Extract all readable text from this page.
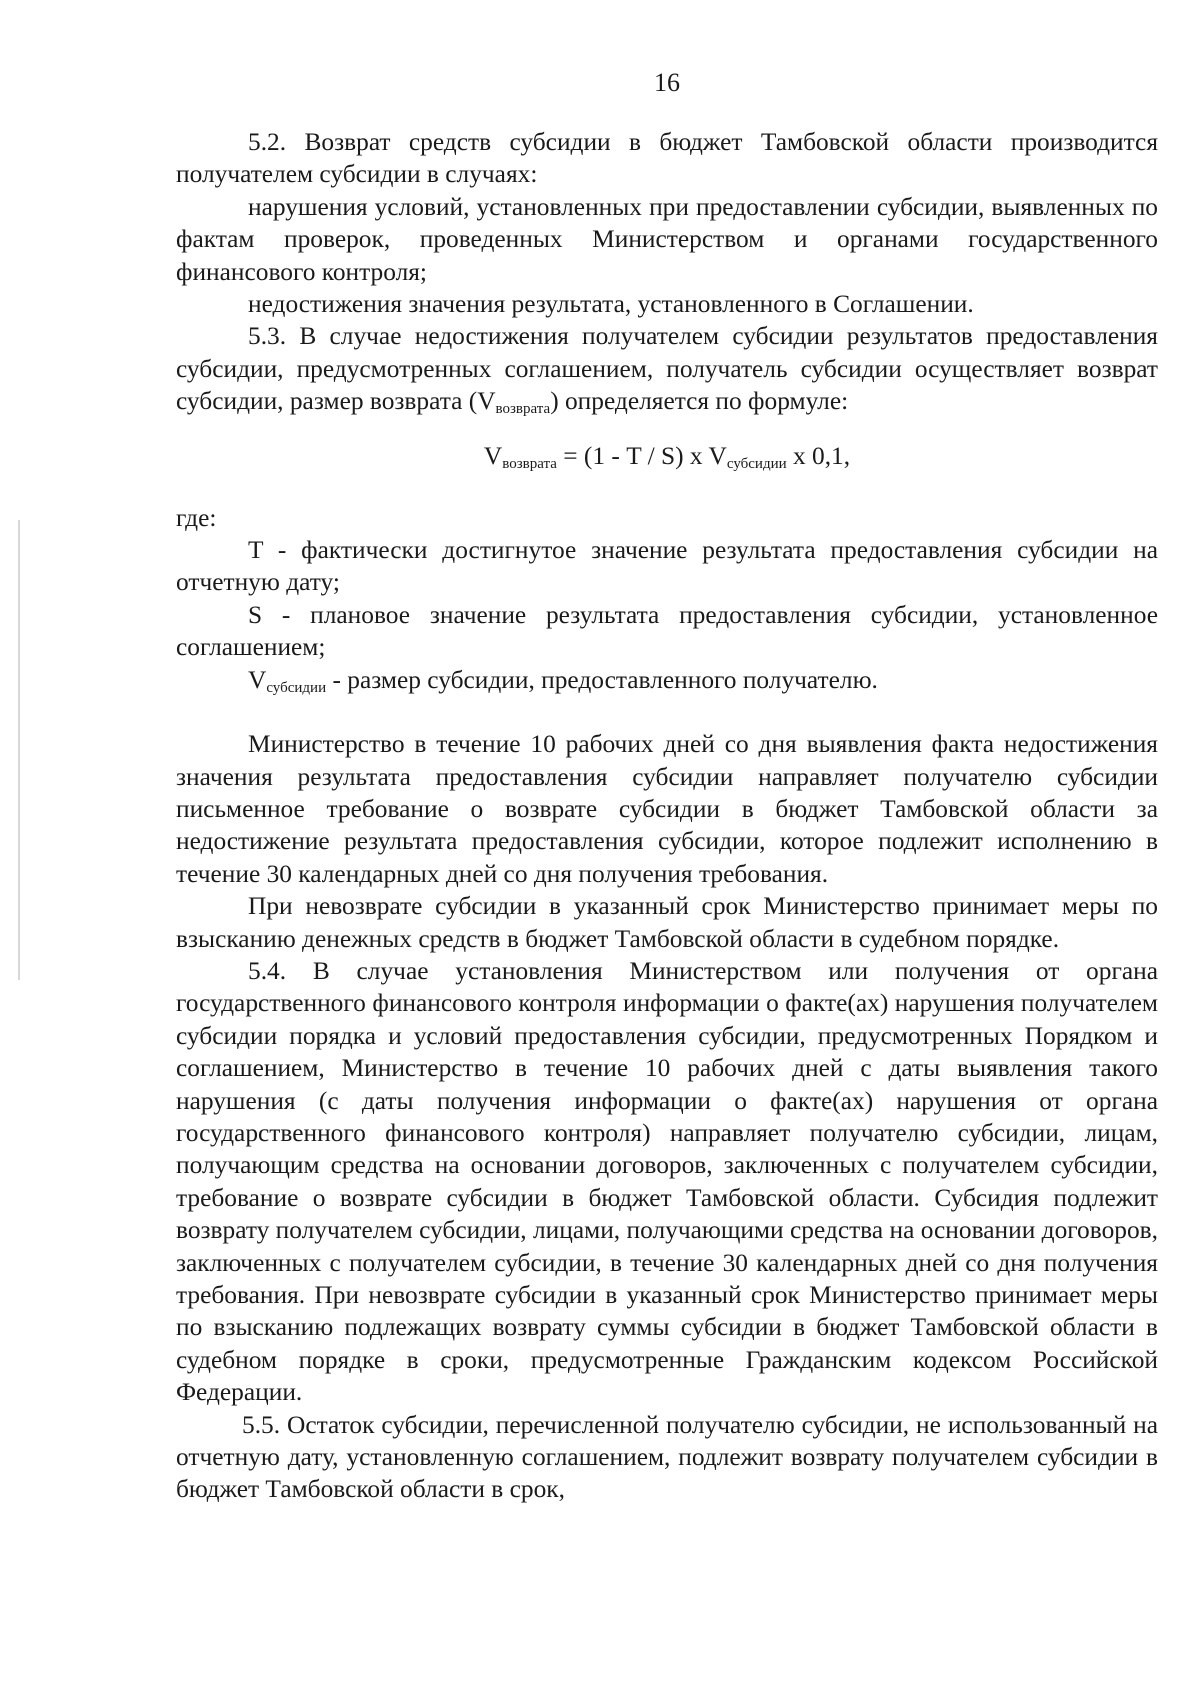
16

5.2. Возврат средств субсидии в бюджет Тамбовской области производится получателем субсидии в случаях:

нарушения условий, установленных при предоставлении субсидии, выявленных по фактам проверок, проведенных Министерством и органами государственного финансового контроля;

недостижения значения результата, установленного в Соглашении.

5.3. В случае недостижения получателем субсидии результатов предоставления субсидии, предусмотренных соглашением, получатель субсидии осуществляет возврат субсидии, размер возврата $(V_{возврата})$ определяется по формуле:

$V_{возврата} = (1 - T / S)$ x $V_{субсидии}$ x 0,1,

где:

T - фактически достигнутое значение результата предоставления субсидии на отчетную дату;

S - плановое значение результата предоставления субсидии, установленное соглашением;

$V_{субсидии}$ - размер субсидии, предоставленного получателю.

Министерство в течение 10 рабочих дней со дня выявления факта недостижения значения результата предоставления субсидии направляет получателю субсидии письменное требование о возврате субсидии в бюджет Тамбовской области за недостижение результата предоставления субсидии, которое подлежит исполнению в течение 30 календарных дней со дня получения требования.

При невозврате субсидии в указанный срок Министерство принимает меры по взысканию денежных средств в бюджет Тамбовской области в судебном порядке.

5.4. В случае установления Министерством или получения от органа государственного финансового контроля информации о факте(ах) нарушения получателем субсидии порядка и условий предоставления субсидии, предусмотренных Порядком и соглашением, Министерство в течение 10 рабочих дней с даты выявления такого нарушения (с даты получения информации о факте(ах) нарушения от органа государственного финансового контроля) направляет получателю субсидии, лицам, получающим средства на основании договоров, заключенных с получателем субсидии, требование о возврате субсидии в бюджет Тамбовской области. Субсидия подлежит возврату получателем субсидии, лицами, получающими средства на основании договоров, заключенных с получателем субсидии, в течение 30 календарных дней со дня получения требования. При невозврате субсидии в указанный срок Министерство принимает меры по взысканию подлежащих возврату суммы субсидии в бюджет Тамбовской области в судебном порядке в сроки, предусмотренные Гражданским кодексом Российской Федерации.

5.5. Остаток субсидии, перечисленной получателю субсидии, не использованный на отчетную дату, установленную соглашением, подлежит возврату получателем субсидии в бюджет Тамбовской области в срок,
